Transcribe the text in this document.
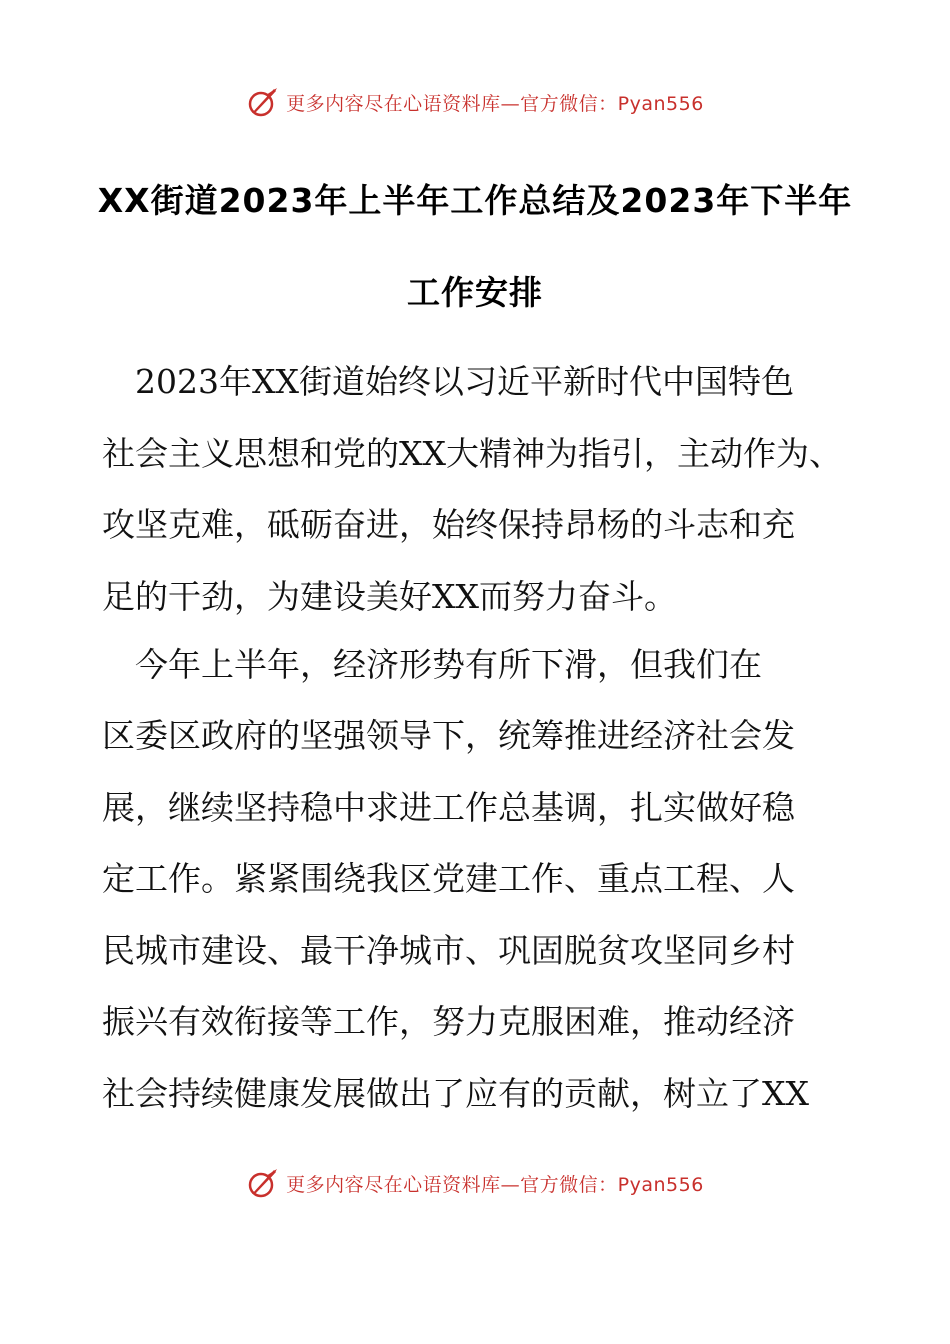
更多内容尽在心语资料库—官方微信：Pyan556
XX街道2023年上半年工作总结及2023年下半年
工作安排
　2023年XX街道始终以习近平新时代中国特色
社会主义思想和党的XX大精神为指引，主动作为、
攻坚克难，砥砺奋进，始终保持昂杨的斗志和充
足的干劲，为建设美好XX而努力奋斗。
　今年上半年，经济形势有所下滑，但我们在
区委区政府的坚强领导下，统筹推进经济社会发
展，继续坚持稳中求进工作总基调，扎实做好稳
定工作。紧紧围绕我区党建工作、重点工程、人
民城市建设、最干净城市、巩固脱贫攻坚同乡村
振兴有效衔接等工作，努力克服困难，推动经济
社会持续健康发展做出了应有的贡献，树立了XX
更多内容尽在心语资料库—官方微信：Pyan556
